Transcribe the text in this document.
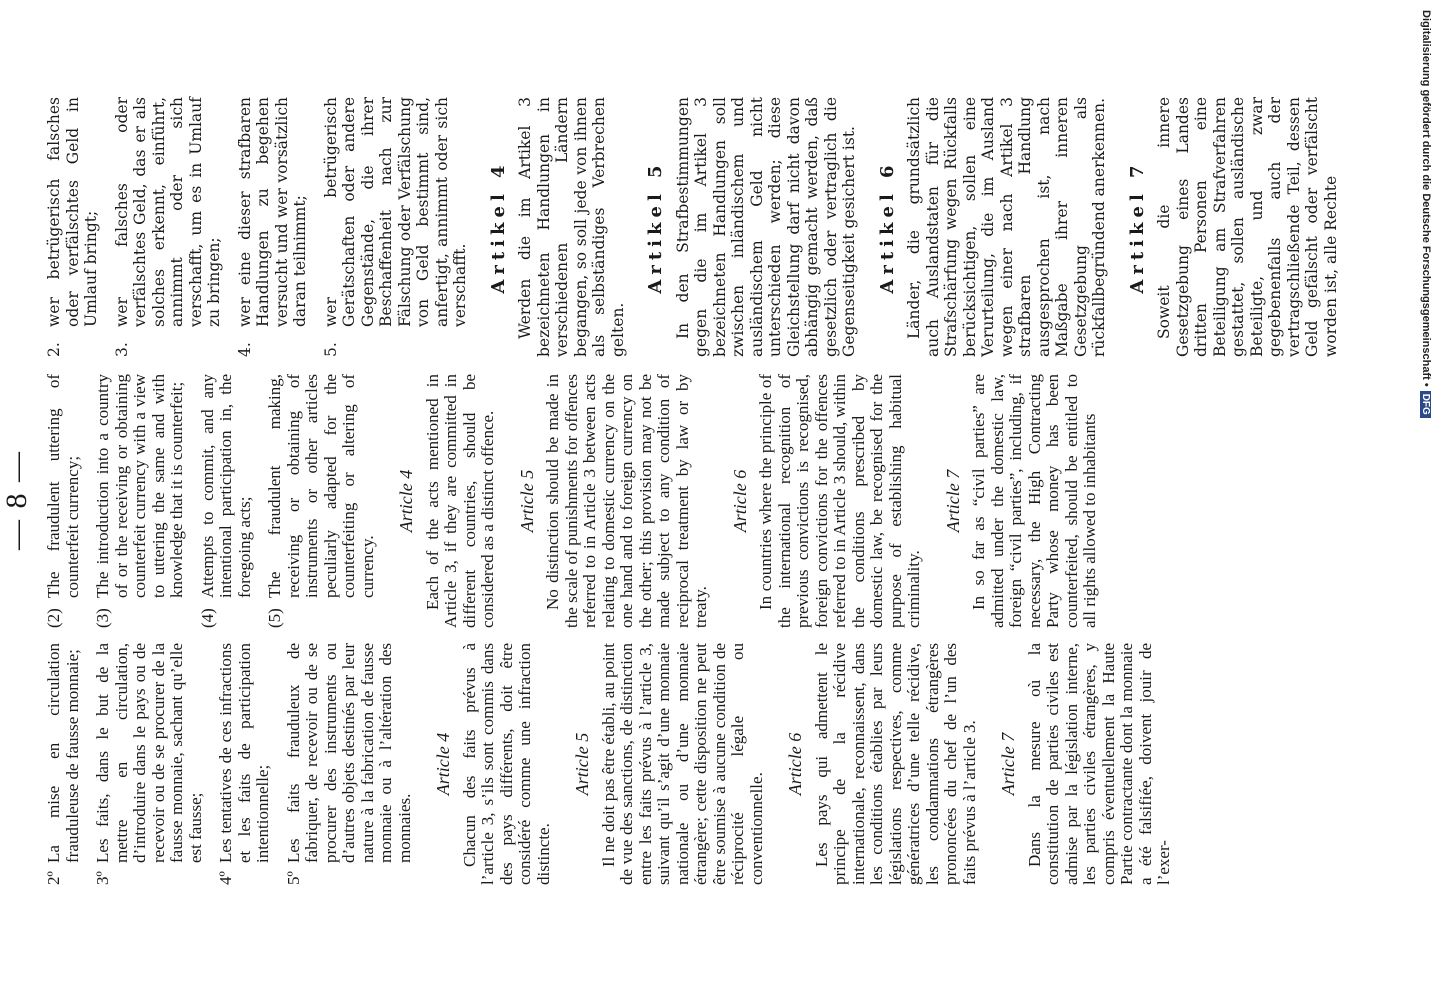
— 8 —
2º
La mise en circulation frauduleuse de fausse monnaie;
3º
Les faits, dans le but de la mettre en circulation, d’introduire dans le pays ou de recevoir ou de se procurer de la fausse monnaie, sachant qu’elle est fausse;
4º
Les tentatives de ces infractions et les faits de participation intentionnelle;
5º
Les faits frauduleux de fabriquer, de recevoir ou de se procurer des instruments ou d’autres objets destinés par leur nature à la fabrication de fausse monnaie ou à l’altération des monnaies.
Article 4 Chacun des faits prévus à l’article 3, s’ils sont commis dans des pays différents, doit être considéré comme une infraction distincte.

Article 5 Il ne doit pas être établi, au point de vue des sanctions, de distinction entre les faits prévus à l’article 3, suivant qu’il s’agit d’une monnaie nationale ou d’une monnaie étrangère; cette disposition ne peut être soumise à aucune condition de réciprocité légale ou conventionnelle.

Article 6 Les pays qui admettent le principe de la récidive internationale, reconnaissent, dans les conditions établies par leurs législations respectives, comme génératrices d’une telle récidive, les condamnations étrangères prononcées du chef de l’un des faits prévus à l’article 3. Article 7 Dans la mesure où la constitution de parties civiles est admise par la législation interne, les parties civiles étrangères, y compris éventuellement la Haute Partie contractante dont la monnaie a été falsifiée, doivent jouir de l’exer-

(2)
The fraudulent uttering of counterfeit currency;
(3)
The introduction into a country of or the receiving or obtaining counterfeit currency with a view to uttering the same and with knowledge that it is counterfeit;
(4)
Attempts to commit, and any intentional participation in, the foregoing acts;
(5)
The fraudulent making, receiving or obtaining of instruments or other articles peculiarly adapted for the counterfeiting or altering of currency.
Article 4 Each of the acts mentioned in Article 3, if they are committed in different countries, should be considered as a distinct offence. Article 5 No distinction should be made in the scale of punishments for offences referred to in Article 3 between acts relating to domestic currency on the one hand and to foreign currency on the other; this provision may not be made subject to any condition of reciprocal treatment by law or by treaty.

Article 6 In countries where the principle of the international recognition of previous convictions is recognised, foreign convictions for the offences referred to in Article 3 should, within the conditions prescribed by domestic law, be recognised for the purpose of establishing habitual criminality.

Article 7 In so far as “civil parties” are admitted under the domestic law, foreign “civil parties”, including, if necessary, the High Contracting Party whose money has been counterfeited, should be entitled to all rights allowed to inhabitants

2.
wer betrügerisch falsches oder verfälschtes Geld in Umlauf bringt;
3.
wer falsches oder verfälschtes Geld, das er als solches erkennt, einführt, annimmt oder sich verschafft, um es in Umlauf zu bringen;
4.
wer eine dieser strafbaren Handlungen zu begehen versucht und wer vorsätzlich daran teilnimmt;
5.
wer betrügerisch Gerätschaften oder andere Gegenstände, die ihrer Beschaffenheit nach zur Fälschung oder Verfälschung von Geld bestimmt sind, anfertigt, annimmt oder sich verschafft. Artikel 4 Werden die im Artikel 3 bezeichneten Handlungen in verschiedenen Ländern begangen, so soll jede von ihnen als selbständiges Verbrechen gelten.

Artikel 5 In den Strafbestimmungen gegen die im Artikel 3 bezeichneten Handlungen soll zwischen inländischem und ausländischem Geld nicht unterschieden werden; diese Gleichstellung darf nicht davon abhängig gemacht werden, daß gesetzlich oder vertraglich die Gegenseitigkeit gesichert ist. Artikel 6 Länder, die grundsätzlich auch Auslandstaten für die Strafschärfung wegen Rückfalls berücksichtigen, sollen eine Verurteilung, die im Ausland wegen einer nach Artikel 3 strafbaren Handlung ausgesprochen ist, nach Maßgabe ihrer inneren Gesetzgebung als rückfallbegründend anerkennen. Artikel 7 Soweit die innere Gesetzgebung eines Landes dritten Personen eine Beteiligung am Strafverfahren gestattet, sollen ausländische Beteiligte, und zwar gegebenenfalls auch der vertragschließende Teil, dessen Geld gefälscht oder verfälscht worden ist, alle Rechte	Digitalisierung gefördert durch die Deutsche Forschungsgemeinschaft •DFG
